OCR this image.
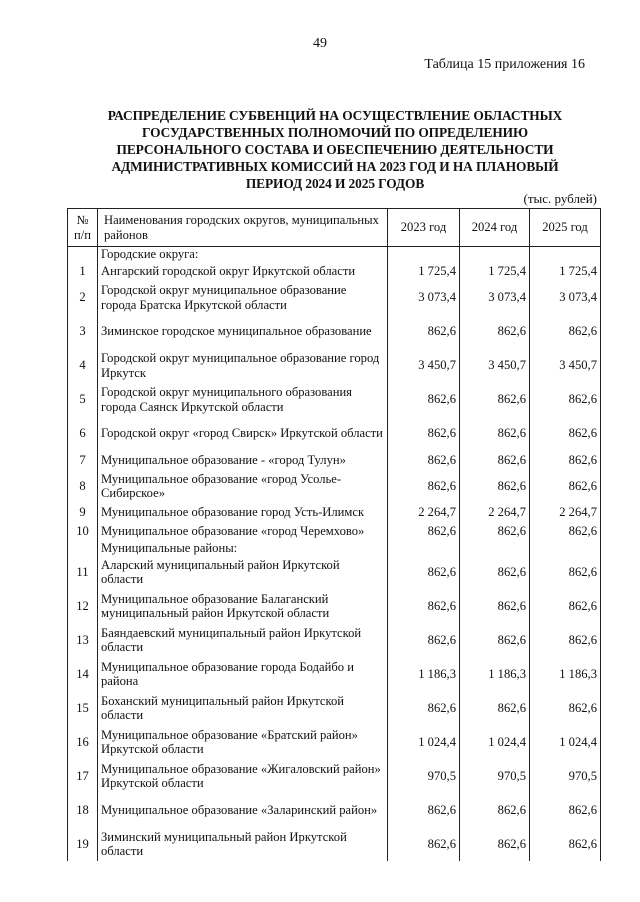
49
Таблица 15 приложения 16
РАСПРЕДЕЛЕНИЕ СУБВЕНЦИЙ НА ОСУЩЕСТВЛЕНИЕ ОБЛАСТНЫХ ГОСУДАРСТВЕННЫХ ПОЛНОМОЧИЙ ПО ОПРЕДЕЛЕНИЮ ПЕРСОНАЛЬНОГО СОСТАВА И ОБЕСПЕЧЕНИЮ ДЕЯТЕЛЬНОСТИ АДМИНИСТРАТИВНЫХ КОМИССИЙ НА 2023 ГОД И НА ПЛАНОВЫЙ ПЕРИОД 2024 И 2025 ГОДОВ
(тыс. рублей)
№ п/п	Наименования городских округов, муниципальных районов	2023 год	2024 год	2025 год
	Городские округа:			
1	Ангарский городской округ Иркутской области	1 725,4	1 725,4	1 725,4
2	Городской округ муниципальное образование города Братска Иркутской области	3 073,4	3 073,4	3 073,4
3	Зиминское городское муниципальное образование	862,6	862,6	862,6
4	Городской округ муниципальное образование город Иркутск	3 450,7	3 450,7	3 450,7
5	Городской округ муниципального образования города Саянск Иркутской области	862,6	862,6	862,6
6	Городской округ «город Свирск» Иркутской области	862,6	862,6	862,6
7	Муниципальное образование - «город Тулун»	862,6	862,6	862,6
8	Муниципальное образование «город Усолье-Сибирское»	862,6	862,6	862,6
9	Муниципальное образование город Усть-Илимск	2 264,7	2 264,7	2 264,7
10	Муниципальное образование «город Черемхово»	862,6	862,6	862,6
	Муниципальные районы:			
11	Аларский муниципальный район Иркутской области	862,6	862,6	862,6
12	Муниципальное образование Балаганский муниципальный район Иркутской области	862,6	862,6	862,6
13	Баяндаевский муниципальный район Иркутской области	862,6	862,6	862,6
14	Муниципальное образование города Бодайбо и района	1 186,3	1 186,3	1 186,3
15	Боханский муниципальный район Иркутской области	862,6	862,6	862,6
16	Муниципальное образование «Братский район» Иркутской области	1 024,4	1 024,4	1 024,4
17	Муниципальное образование «Жигаловский район» Иркутской области	970,5	970,5	970,5
18	Муниципальное образование «Заларинский район»	862,6	862,6	862,6
19	Зиминский муниципальный район Иркутской области	862,6	862,6	862,6
